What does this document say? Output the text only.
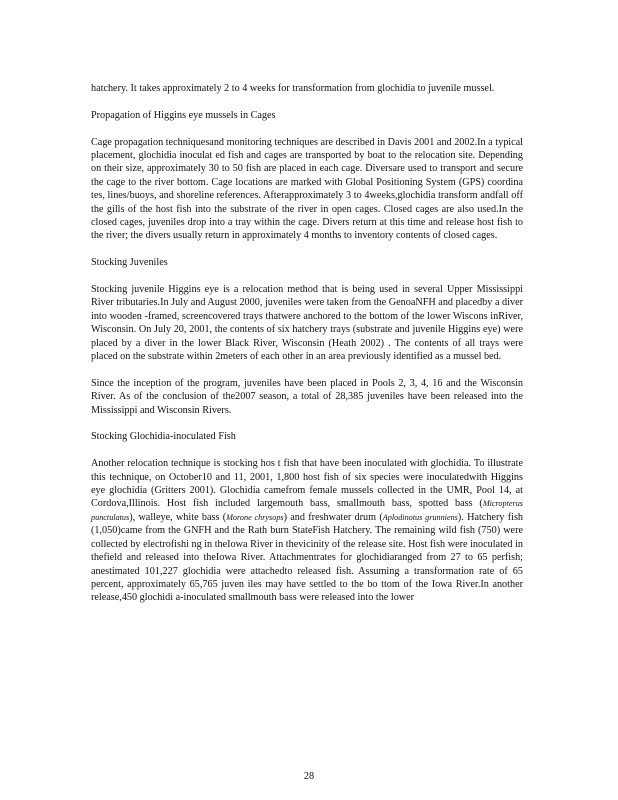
hatchery. It takes approximately 2 to 4 weeks for transformation from glochidia to juvenile mussel.

Propagation of Higgins eye mussels in Cages

Cage propagation techniquesand monitoring techniques are described in Davis 2001 and 2002.In a typical placement, glochidia inoculat ed fish and cages are transported by boat to the relocation site. Depending on their size, approximately 30 to 50 fish are placed in each cage. Diversare used to transport and secure the cage to the river bottom. Cage locations are marked with Global Positioning System (GPS) coordina tes, lines/buoys, and shoreline references. Afterapproximately 3 to 4weeks,glochidia transform andfall off the gills of the host fish into the substrate of the river in open cages. Closed cages are also used.In the closed cages, juveniles drop into a tray within the cage. Divers return at this time and release host fish to the river; the divers usually return in approximately 4 months to inventory contents of closed cages.

Stocking Juveniles

Stocking juvenile Higgins eye is a relocation method that is being used in several Upper Mississippi River tributaries.In July and August 2000, juveniles were taken from the GenoaNFH and placedby a diver into wooden -framed, screencovered trays thatwere anchored to the bottom of the lower Wiscons inRiver, Wisconsin. On July 20, 2001, the contents of six hatchery trays (substrate and juvenile Higgins eye) were placed by a diver in the lower Black River, Wisconsin (Heath 2002) . The contents of all trays were placed on the substrate within 2meters of each other in an area previously identified as a mussel bed.

Since the inception of the program, juveniles have been placed in Pools 2, 3, 4, 16 and the Wisconsin River. As of the conclusion of the2007 season, a total of 28,385 juveniles have been released into the Mississippi and Wisconsin Rivers.

Stocking Glochidia-inoculated Fish

Another relocation technique is stocking hos t fish that have been inoculated with glochidia. To illustrate this technique, on October10 and 11, 2001, 1,800 host fish of six species were inoculatedwith Higgins eye glochidia (Gritters 2001). Glochidia camefrom female mussels collected in the UMR, Pool 14, at Cordova,Illinois. Host fish included largemouth bass, smallmouth bass, spotted bass (Micropterus punctulatus), walleye, white bass (Morone chrysops) and freshwater drum (Aplodinotus grunniens). Hatchery fish (1,050)came from the GNFH and the Rath burn StateFish Hatchery. The remaining wild fish (750) were collected by electrofishi ng in theIowa River in thevicinity of the release site. Host fish were inoculated in thefield and released into theIowa River. Attachmentrates for glochidiaranged from 27 to 65 perfish; anestimated 101,227 glochidia were attachedto released fish. Assuming a transformation rate of 65 percent, approximately 65,765 juven iles may have settled to the bo ttom of the Iowa River.In another release,450 glochidi a-inoculated smallmouth bass were released into the lower

28
